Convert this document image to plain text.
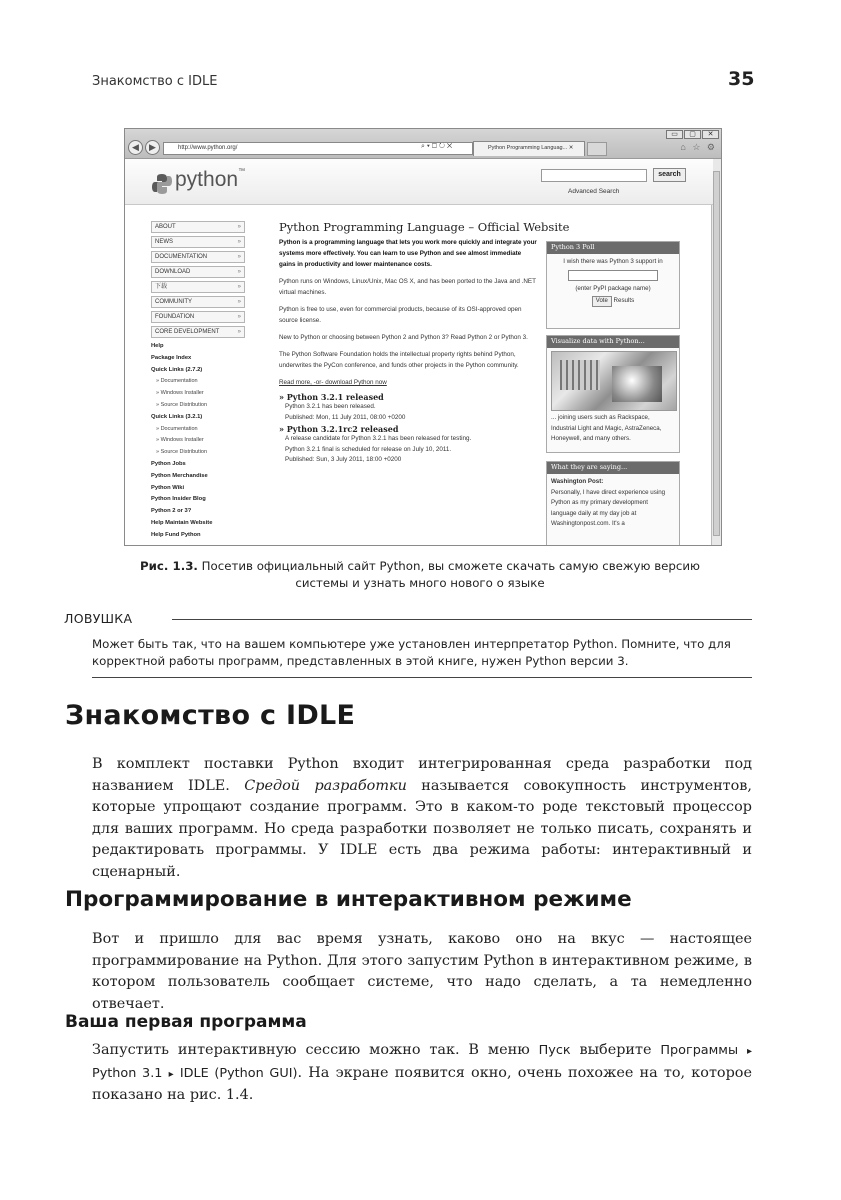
Знакомство с IDLE	35
▭	▢	✕
◀	▶	http://www.python.org/	⌕ ▾ ▢ ↻ ✕	Python Programming Languag... ✕	⌂ ☆ ⚙
python™	search
Advanced Search
ABOUT	»
NEWS	»
DOCUMENTATION	»
DOWNLOAD	»
下载	»
COMMUNITY	»
FOUNDATION	»
CORE DEVELOPMENT	»
Help
Package Index
Quick Links (2.7.2)
» Documentation
» Windows Installer
» Source Distribution
Quick Links (3.2.1)
» Documentation
» Windows Installer
» Source Distribution
Python Jobs
Python Merchandise
Python Wiki
Python Insider Blog
Python 2 or 3?
Help Maintain Website
Help Fund Python
Python Programming Language – Official Website

Python is a programming language that lets you work more quickly and integrate your systems more effectively. You can learn to use Python and see almost immediate gains in productivity and lower maintenance costs.

Python runs on Windows, Linux/Unix, Mac OS X, and has been ported to the Java and .NET virtual machines.

Python is free to use, even for commercial products, because of its OSI-approved open source license.

New to Python or choosing between Python 2 and Python 3? Read Python 2 or Python 3.

The Python Software Foundation holds the intellectual property rights behind Python, underwrites the PyCon conference, and funds other projects in the Python community.

Read more, -or- download Python now

» Python 3.2.1 released
Python 3.2.1 has been released.
Published: Mon, 11 July 2011, 08:00 +0200
» Python 3.2.1rc2 released
A release candidate for Python 3.2.1 has been released for testing.
Python 3.2.1 final is scheduled for release on July 10, 2011.
Published: Sun, 3 July 2011, 18:00 +0200
Python 3 Poll
I wish there was Python 3 support in
(enter PyPI package name)
Vote Results
Visualize data with Python...
... joining users such as Rackspace, Industrial Light and Magic, AstraZeneca, Honeywell, and many others.
What they are saying...
Washington Post:
Personally, I have direct experience using Python as my primary development language daily at my day job at Washingtonpost.com. It's a
Рис. 1.3. Посетив официальный сайт Python, вы сможете скачать самую свежую версию системы и узнать много нового о языке
ЛОВУШКА
Может быть так, что на вашем компьютере уже установлен интерпретатор Python. Помните, что для корректной работы программ, представленных в этой книге, нужен Python версии 3.
Знакомство с IDLE
В комплект поставки Python входит интегрированная среда разработки под названием IDLE. Средой разработки называется совокупность инструментов, которые упрощают создание программ. Это в каком-то роде текстовый процессор для ваших программ. Но среда разработки позволяет не только писать, сохранять и редактировать программы. У IDLE есть два режима работы: интерактивный и сценарный.
Программирование в интерактивном режиме
Вот и пришло для вас время узнать, каково оно на вкус — настоящее программирование на Python. Для этого запустим Python в интерактивном режиме, в котором пользователь сообщает системе, что надо сделать, а та немедленно отвечает.
Ваша первая программа
Запустить интерактивную сессию можно так. В меню Пуск выберите Программы ▸ Python 3.1 ▸ IDLE (Python GUI). На экране появится окно, очень похожее на то, которое показано на рис. 1.4.
